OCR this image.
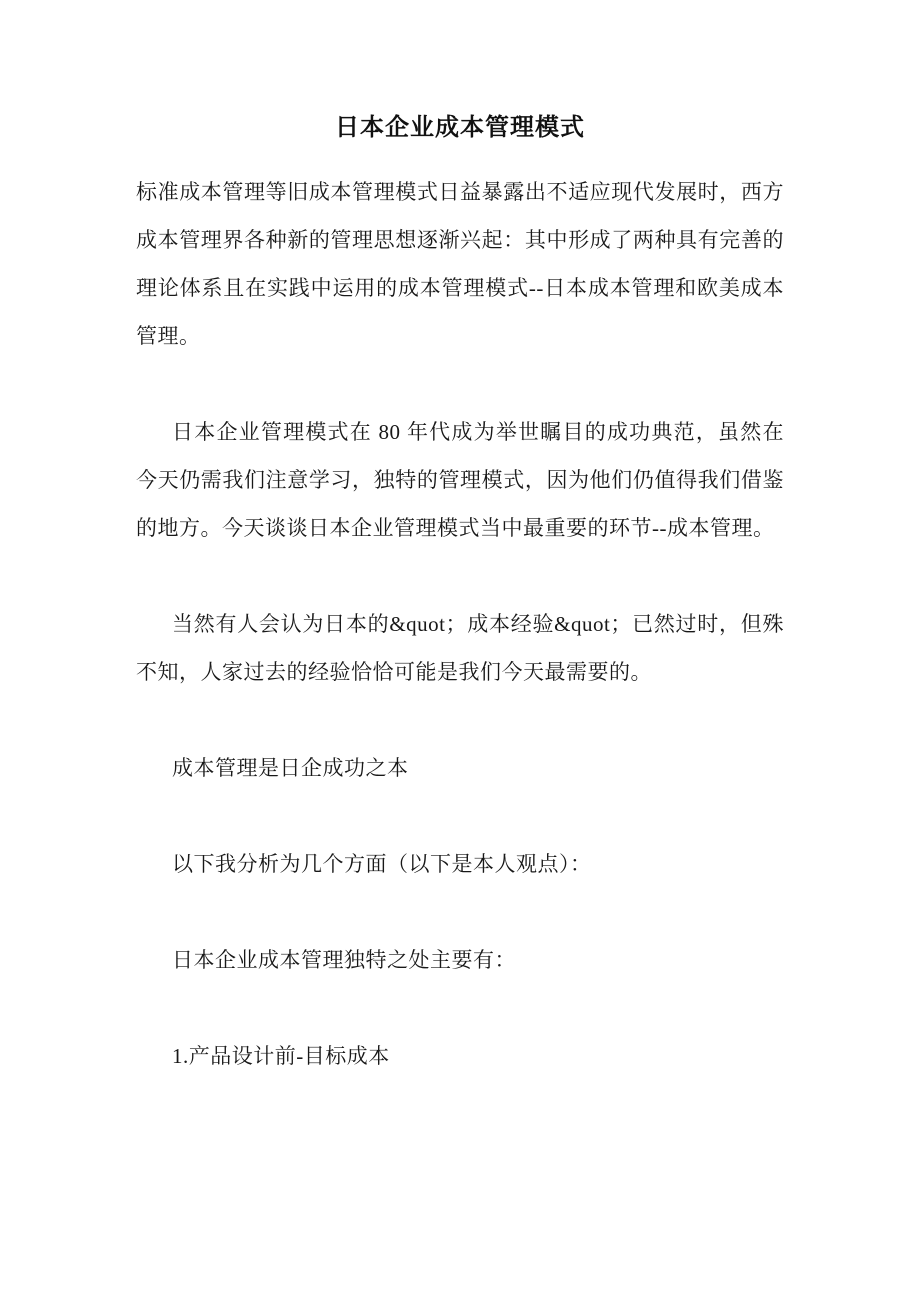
日本企业成本管理模式

标准成本管理等旧成本管理模式日益暴露出不适应现代发展时，西方成本管理界各种新的管理思想逐渐兴起：其中形成了两种具有完善的理论体系且在实践中运用的成本管理模式--日本成本管理和欧美成本管理。

日本企业管理模式在 80 年代成为举世瞩目的成功典范，虽然在今天仍需我们注意学习，独特的管理模式，因为他们仍值得我们借鉴的地方。今天谈谈日本企业管理模式当中最重要的环节--成本管理。

当然有人会认为日本的&quot；成本经验&quot；已然过时，但殊不知，人家过去的经验恰恰可能是我们今天最需要的。

成本管理是日企成功之本

以下我分析为几个方面（以下是本人观点）：

日本企业成本管理独特之处主要有：

1.产品设计前-目标成本
